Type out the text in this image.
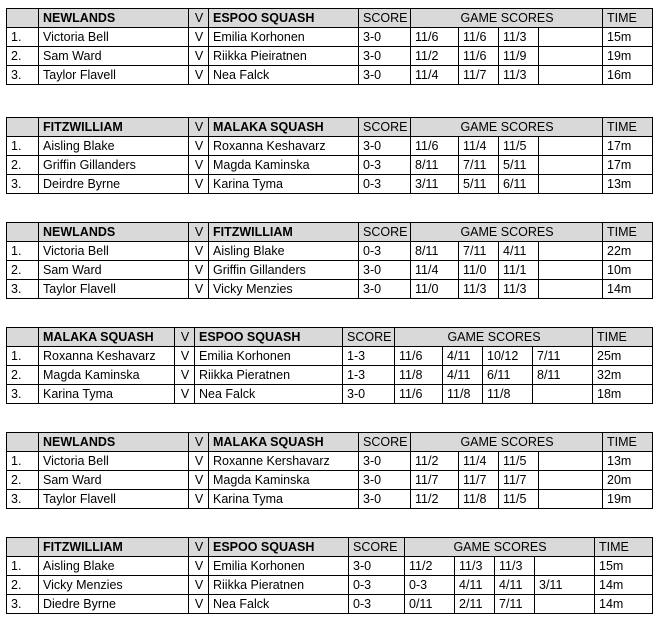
NEWLANDS	V ESPOO SQUASH	SCORE	GAME SCORES	TIME
1.	Victoria Bell	V Emilia Korhonen	3-0	11/6	11/6	11/3	15m
2.	Sam Ward	V Riikka Pieiratnen	3-0	11/2	11/6	11/9	19m
3.	Taylor Flavell	V Nea Falck	3-0	11/4	11/7	11/3	16m
FITZWILLIAM	V MALAKA SQUASH	SCORE	GAME SCORES	TIME
1.	Aisling Blake	V Roxanna Keshavarz	3-0	11/6	11/4	11/5	17m
2.	Griffin Gillanders	V Magda Kaminska	0-3	8/11	7/11	5/11	17m
3.	Deirdre Byrne	V Karina Tyma	0-3	3/11	5/11	6/11	13m
NEWLANDS	V FITZWILLIAM	SCORE	GAME SCORES	TIME
1.	Victoria Bell	V Aisling Blake	0-3	8/11	7/11	4/11	22m
2.	Sam Ward	V Griffin Gillanders	3-0	11/4	11/0	11/1	10m
3.	Taylor Flavell	V Vicky Menzies	3-0	11/0	11/3	11/3	14m
MALAKA SQUASH	V ESPOO SQUASH	SCORE	GAME SCORES	TIME
1.	Roxanna Keshavarz	V Emilia Korhonen	1-3	11/6	4/11	10/12	7/11	25m
2.	Magda Kaminska	V Riikka Pieratnen	1-3	11/8	4/11	6/11	8/11	32m
3.	Karina Tyma	V Nea Falck	3-0	11/6	11/8	11/8	18m
NEWLANDS	V MALAKA SQUASH	SCORE	GAME SCORES	TIME
1.	Victoria Bell	V Roxanne Kershavarz	3-0	11/2	11/4	11/5	13m
2.	Sam Ward	V Magda Kaminska	3-0	11/7	11/7	11/7	20m
3.	Taylor Flavell	V Karina Tyma	3-0	11/2	11/8	11/5	19m
FITZWILLIAM	V ESPOO SQUASH	SCORE	GAME SCORES	TIME
1.	Aisling Blake	V Emilia Korhonen	3-0	11/2	11/3	11/3	15m
2.	Vicky Menzies	V Riikka Pieratnen	0-3	0-3	4/11	4/11	3/11	14m
3.	Diedre Byrne	V Nea Falck	0-3	0/11	2/11	7/11	14m
